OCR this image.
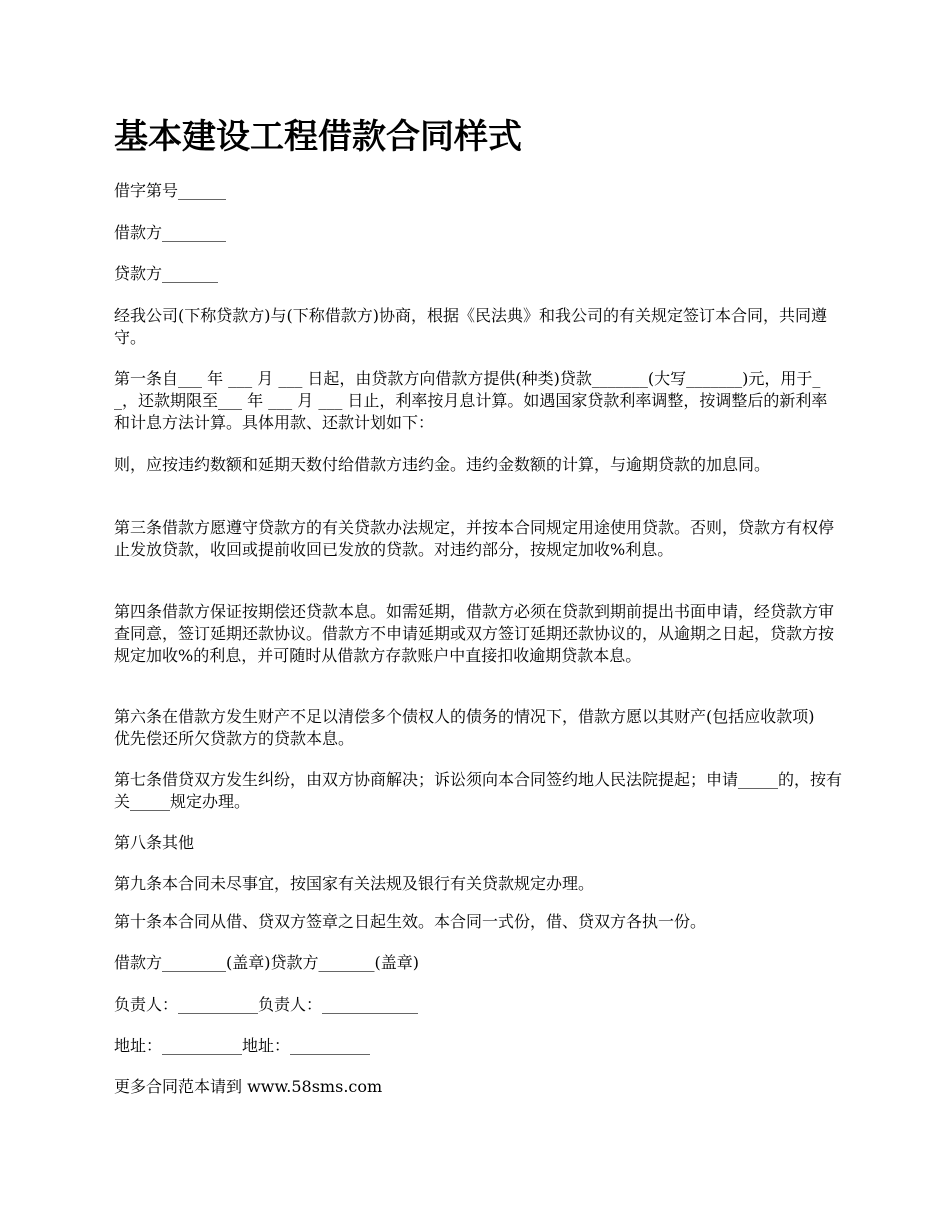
基本建设工程借款合同样式

借字第号______

借款方________

贷款方_______

经我公司(下称贷款方)与(下称借款方)协商，根据《民法典》和我公司的有关规定签订本合同，共同遵守。

第一条自___ 年 ___ 月 ___ 日起，由贷款方向借款方提供(种类)贷款_______(大写_______)元，用于__，还款期限至___ 年 ___ 月 ___ 日止，利率按月息计算。如遇国家贷款利率调整，按调整后的新利率和计息方法计算。具体用款、还款计划如下：

则，应按违约数额和延期天数付给借款方违约金。违约金数额的计算，与逾期贷款的加息同。

第三条借款方愿遵守贷款方的有关贷款办法规定，并按本合同规定用途使用贷款。否则，贷款方有权停止发放贷款，收回或提前收回已发放的贷款。对违约部分，按规定加收%利息。

第四条借款方保证按期偿还贷款本息。如需延期，借款方必须在贷款到期前提出书面申请，经贷款方审查同意，签订延期还款协议。借款方不申请延期或双方签订延期还款协议的，从逾期之日起，贷款方按规定加收%的利息，并可随时从借款方存款账户中直接扣收逾期贷款本息。

第六条在借款方发生财产不足以清偿多个债权人的债务的情况下，借款方愿以其财产(包括应收款项)优先偿还所欠贷款方的贷款本息。

第七条借贷双方发生纠纷，由双方协商解决；诉讼须向本合同签约地人民法院提起；申请_____的，按有关_____规定办理。

第八条其他

第九条本合同未尽事宜，按国家有关法规及银行有关贷款规定办理。

第十条本合同从借、贷双方签章之日起生效。本合同一式份，借、贷双方各执一份。

借款方________(盖章)贷款方_______(盖章)

负责人：__________负责人：____________

地址：__________地址：__________

更多合同范本请到 www.58sms.com
